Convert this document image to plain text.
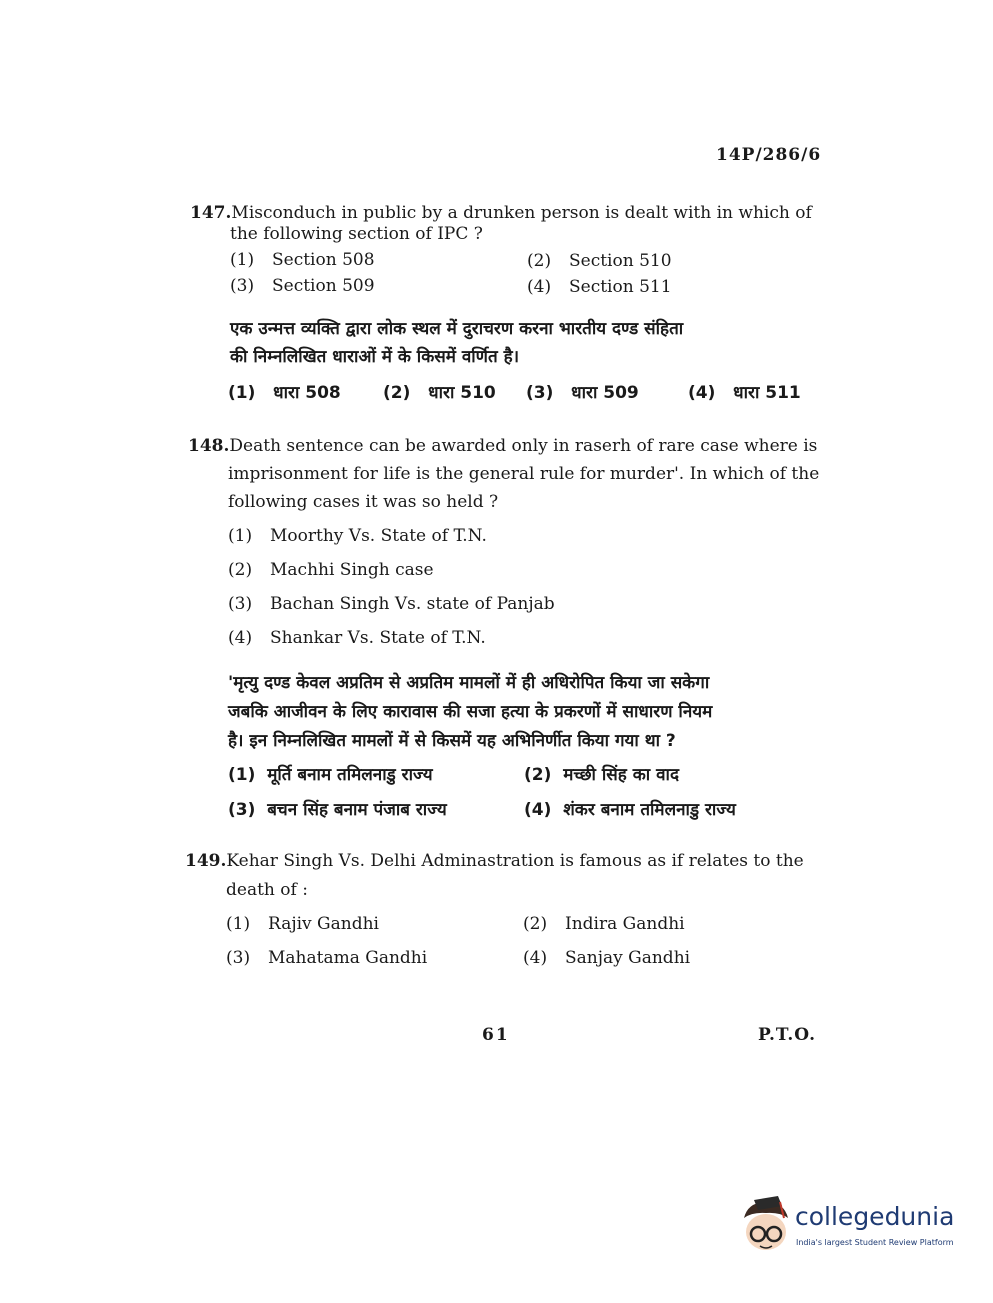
14P/286/6
147.Misconduch in public by a drunken person is dealt with in which of
the following section of IPC ?
(1) Section 508	(2) Section 510
(3) Section 509	(4) Section 511
एक उन्मत्त व्यक्ति द्वारा लोक स्थल में दुराचरण करना भारतीय दण्ड संहिता
की निम्नलिखित धाराओं में के किसमें वर्णित है।
(1) धारा 508 (2) धारा 510 (3) धारा 509	(4) धारा 511
148.Death sentence can be awarded only in raserh of rare case where is
imprisonment for life is the general rule for murder'. In which of the
following cases it was so held ?
(1) Moorthy Vs. State of T.N.
(2) Machhi Singh case
(3) Bachan Singh Vs. state of Panjab
(4) Shankar Vs. State of T.N.
'मृत्यु दण्ड केवल अप्रतिम से अप्रतिम मामलों में ही अधिरोपित किया जा सकेगा
जबकि आजीवन के लिए कारावास की सजा हत्या के प्रकरणों में साधारण नियम
है। इन निम्नलिखित मामलों में से किसमें यह अभिनिर्णीत किया गया था ?
(1) मूर्ति बनाम तमिलनाडु राज्य	(2) मच्छी सिंह का वाद
(3) बचन सिंह बनाम पंजाब राज्य	(4) शंकर बनाम तमिलनाडु राज्य
149.Kehar Singh Vs. Delhi Adminastration is famous as if relates to the
death of :
(1) Rajiv Gandhi	(2) Indira Gandhi
(3) Mahatama Gandhi	(4) Sanjay Gandhi
61	P.T.O.
collegedunia
India's largest Student Review Platform
